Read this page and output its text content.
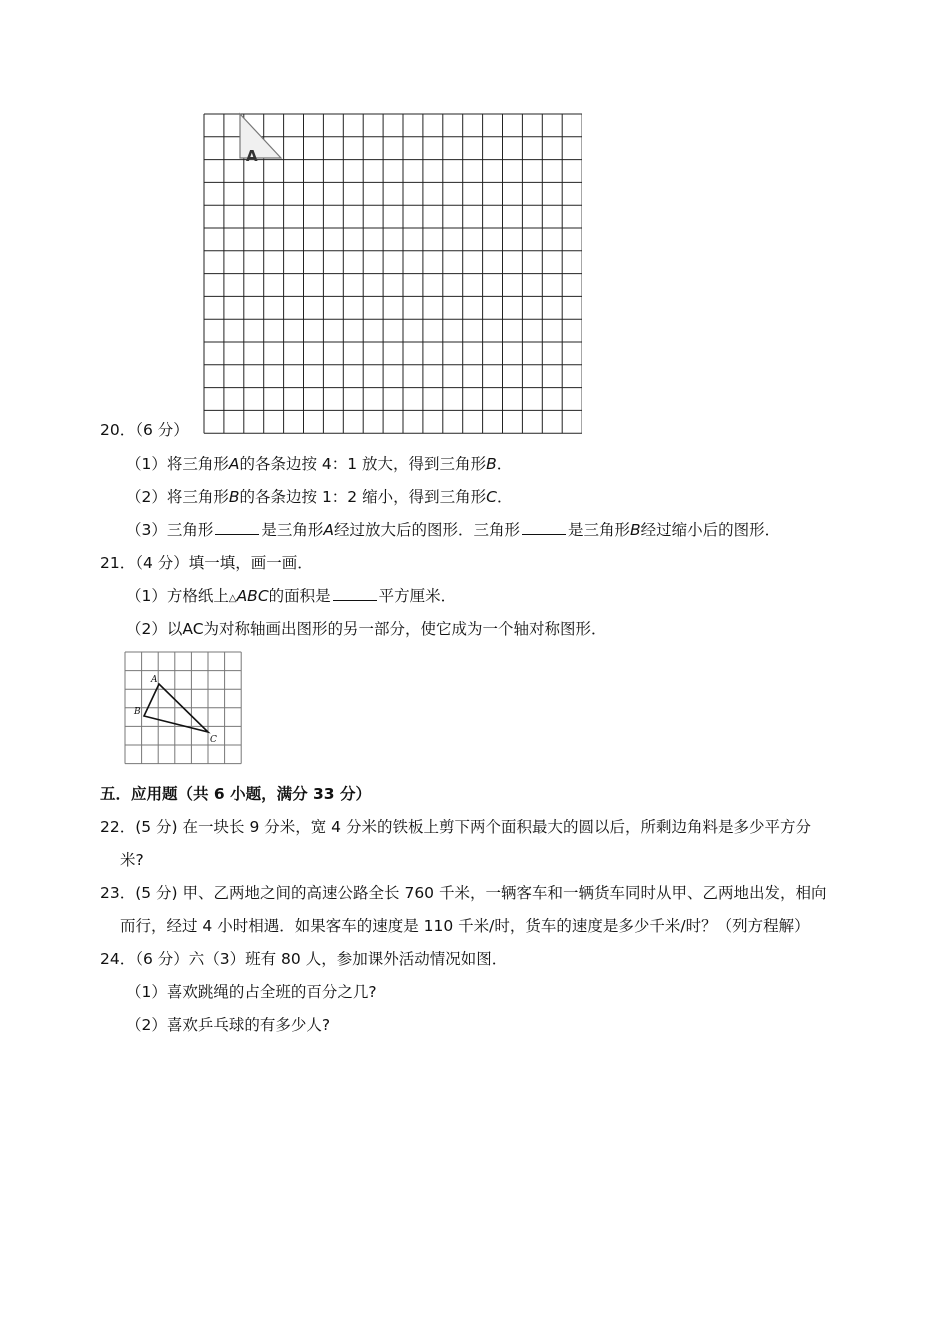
A
20．（6 分）
（1）将三角形A的各条边按 4：1 放大，得到三角形B．
（2）将三角形B的各条边按 1：2 缩小，得到三角形C．
（3）三角形	是三角形A经过放大后的图形．三角形	是三角形B经过缩小后的图形．
21．（4 分）填一填，画一画．
（1）方格纸上△ABC的面积是	平方厘米．
（2）以AC为对称轴画出图形的另一部分，使它成为一个轴对称图形．
A
B
C
五．应用题（共 6 小题，满分 33 分）
22．(5 分) 在一块长 9 分米，宽 4 分米的铁板上剪下两个面积最大的圆以后，所剩边角料是多少平方分
米?
23．(5 分) 甲、乙两地之间的高速公路全长 760 千米，一辆客车和一辆货车同时从甲、乙两地出发，相向
而行，经过 4 小时相遇．如果客车的速度是 110 千米/时，货车的速度是多少千米/时？（列方程解）
24．（6 分）六（3）班有 80 人，参加课外活动情况如图．
（1）喜欢跳绳的占全班的百分之几?
（2）喜欢乒乓球的有多少人?
